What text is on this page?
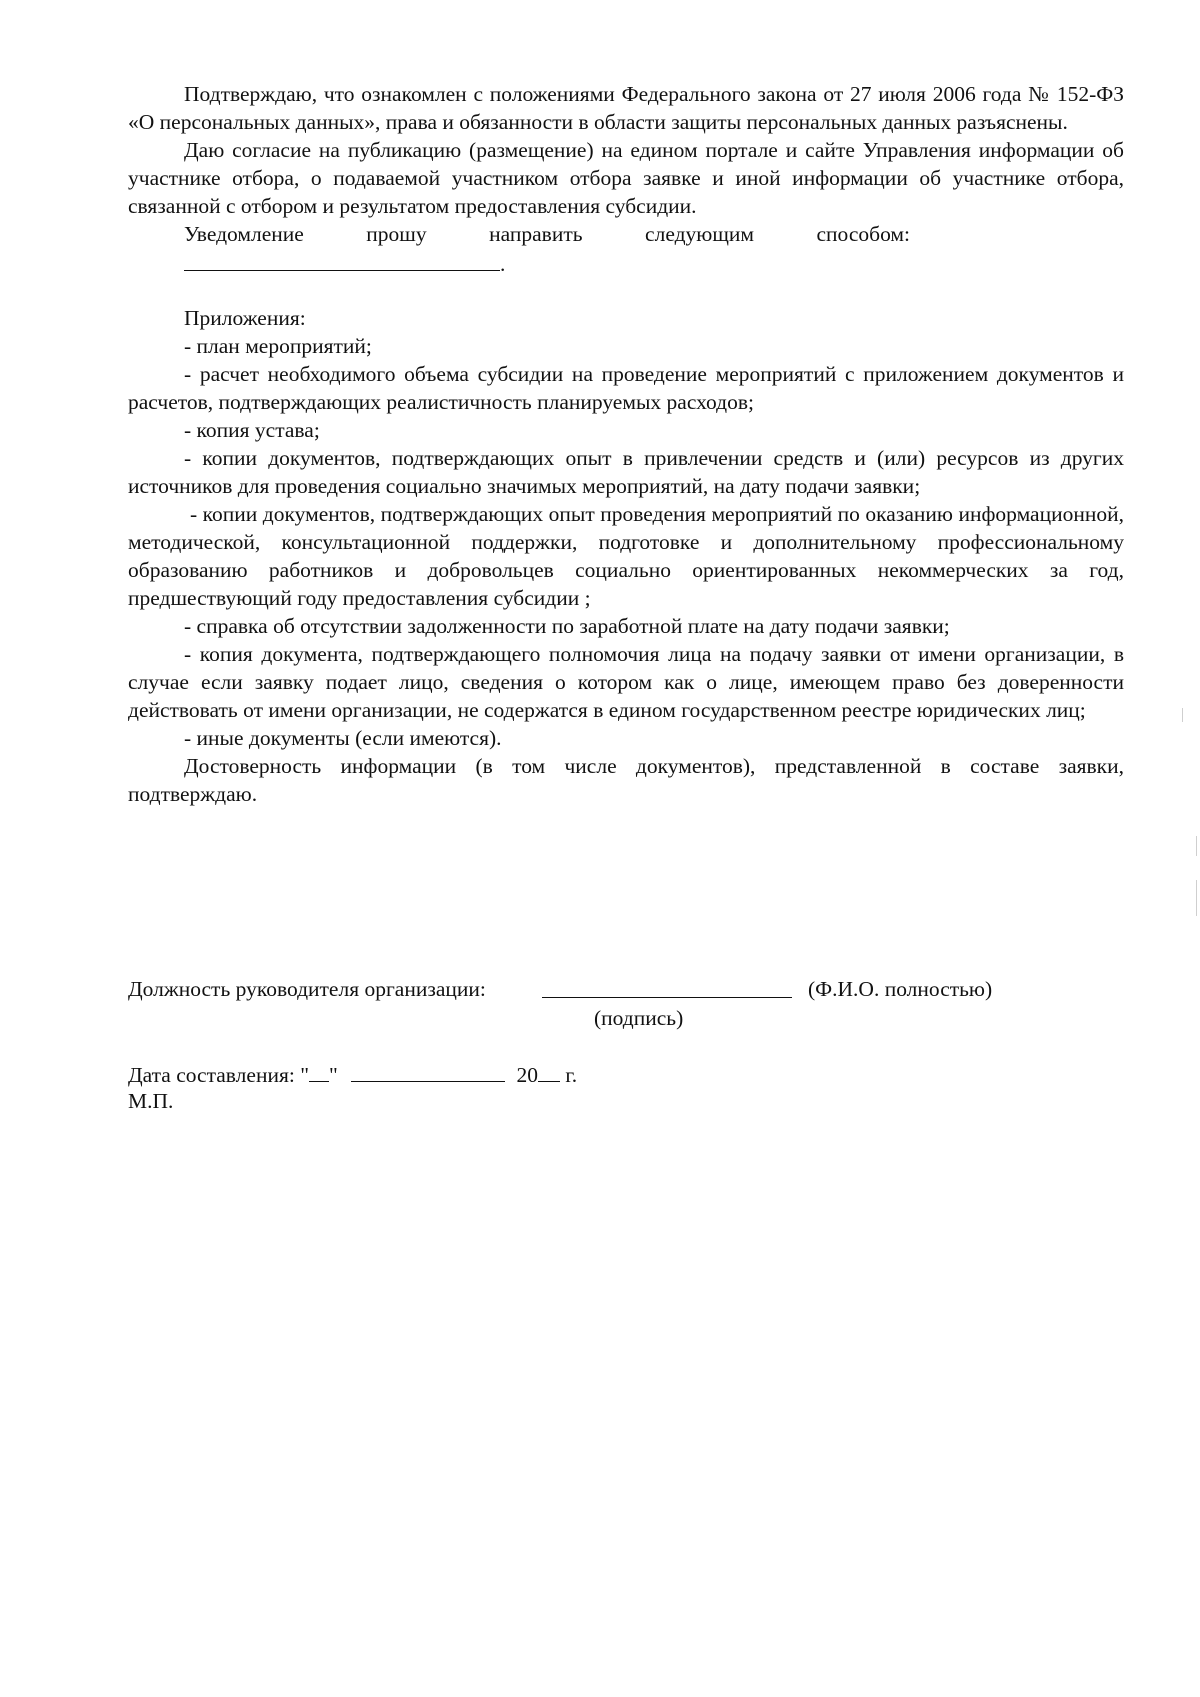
Подтверждаю, что ознакомлен с положениями Федерального закона от 27 июля 2006 года № 152-ФЗ «О персональных данных», права и обязанности в области защиты персональных данных разъяснены.

Даю согласие на публикацию (размещение) на едином портале и сайте Управления информации об участнике отбора, о подаваемой участником отбора заявке и иной информации об участнике отбора, связанной с отбором и результатом предоставления субсидии.

Уведомление	прошу	направить	следующим	способом:
.

Приложения:

- план мероприятий;

- расчет необходимого объема субсидии на проведение мероприятий с приложением документов и расчетов, подтверждающих реалистичность планируемых расходов;

- копия устава;

- копии документов, подтверждающих опыт в привлечении средств и (или) ресурсов из других источников для проведения социально значимых мероприятий, на дату подачи заявки;

- копии документов, подтверждающих опыт проведения мероприятий по оказанию информационной, методической, консультационной поддержки, подготовке и дополнительному профессиональному образованию работников и добровольцев социально ориентированных некоммерческих за год, предшествующий году предоставления субсидии ;

- справка об отсутствии задолженности по заработной плате на дату подачи заявки;

- копия документа, подтверждающего полномочия лица на подачу заявки от имени организации, в случае если заявку подает лицо, сведения о котором как о лице, имеющем право без доверенности действовать от имени организации, не содержатся в едином государственном реестре юридических лиц;

- иные документы (если имеются).

Достоверность информации (в том числе документов), представленной в составе заявки, подтверждаю.

Должность руководителя организации:	(Ф.И.О. полностью)
(подпись)
Дата составления: " "	20 г.
М.П.
